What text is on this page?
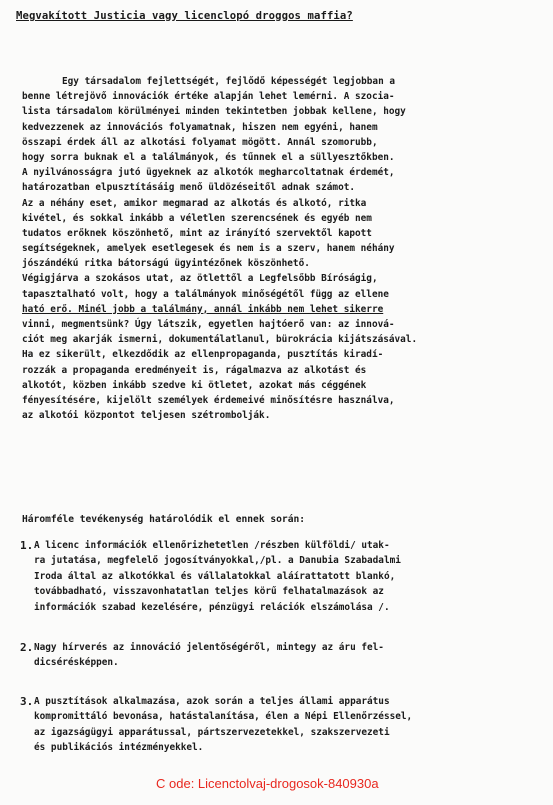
Megvakított Justicia vagy licenclopó droggos maffia?
Egy társadalom fejlettségét, fejlődő képességét legjobban a
benne létrejövő innovációk értéke alapján lehet lemérni. A szocia-
lista társadalom körülményei minden tekintetben jobbak kellene, hogy
kedvezzenek az innovációs folyamatnak, hiszen nem egyéni, hanem
összapi érdek áll az alkotási folyamat mögött. Annál szomorubb,
hogy sorra buknak el a találmányok, és tűnnek el a süllyesztőkben.
A nyilvánosságra jutó ügyeknek az alkotók megharcoltatnak érdemét,
határozatban elpusztításáig menő üldözéseitől adnak számot.
Az a néhány eset, amikor megmarad az alkotás és alkotó, ritka
kivétel, és sokkal inkább a véletlen szerencsének és egyéb nem
tudatos erőknek köszönhető, mint az irányító szervektől kapott
segítségeknek, amelyek esetlegesek és nem is a szerv, hanem néhány
jószándékú ritka bátorságú ügyintézőnek köszönhető.
Végigjárva a szokásos utat, az ötlettől a Legfelsőbb Bíróságig,
tapasztalható volt, hogy a találmányok minőségétől függ az ellene
ható erő. Minél jobb a találmány, annál inkább nem lehet sikerre
vinni, megmentsünk? Úgy látszik, egyetlen hajtóerő van: az innová-
ciót meg akarják ismerni, dokumentálatlanul, bürokrácia kijátszásával.
Ha ez sikerült, elkezdődik az ellenpropaganda, pusztítás kiradí-
rozzák a propaganda eredményeit is, rágalmazva az alkotást és
alkotót, közben inkább szedve ki ötletet, azokat más céggének
fényesítésére, kijelölt személyek érdemeivé minősítésre használva,
az alkotói központot teljesen szétrombolják.
Háromféle tevékenység határolódik el ennek során:
1. A licenc információk ellenőrizhetetlen /részben külföldi/ utak-
ra jutatása, megfelelő jogosítványokkal,/pl. a Danubia Szabadalmi
Iroda által az alkotókkal és vállalatokkal aláírattatott blankó,
továbbadható, visszavonhatatlan teljes körű felhatalmazások az
információk szabad kezelésére, pénzügyi relációk elszámolása /.
2. Nagy hírverés az innováció jelentőségéről, mintegy az áru fel-
dicsérésképpen.
3. A pusztítások alkalmazása, azok során a teljes állami apparátus
kompromittáló bevonása, hatástalanítása, élen a Népi Ellenőrzéssel,
az igazságügyi apparátussal, pártszervezetekkel, szakszervezeti
és publikációs intézményekkel.
C ode: Licenctolvaj-drogosok-840930a
